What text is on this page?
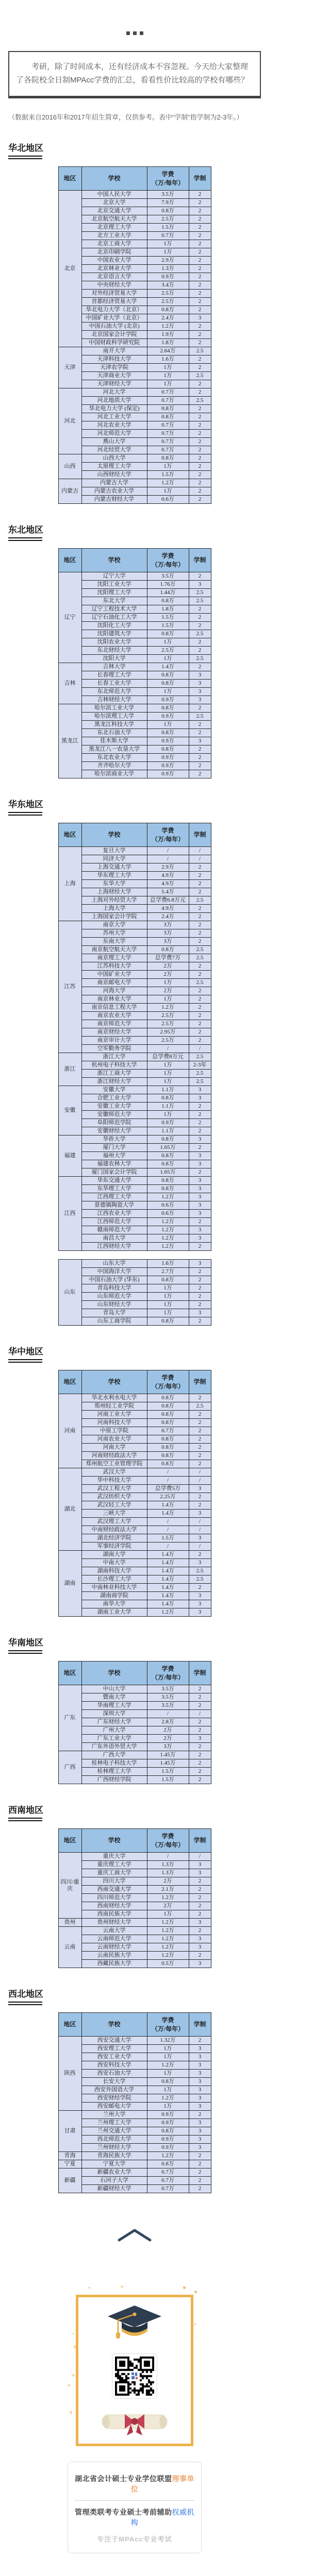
考研，除了时间成本，还有经济成本不容忽视。今天给大家整理了各院校全日制MPAcc学费的汇总，看看性价比较高的学校有哪些？
（数据来自2016年和2017年招生简章，仅供参考。表中“学制”指学制为2-3年。）
华北地区
地区	学校	学费
（万/每年）	学制
北京	中国人民大学	3.5万	2
	北京大学	7.9万	2
	北京交通大学	0.8万	2
	北京航空航天大学	2.5万	2
	北京理工大学	1.5万	2
	北方工业大学	0.7万	2
	北京工商大学	1万	2
	北京印刷学院	1万	2
	中国农业大学	2.9万	2
	北京林业大学	1.3万	2
	北京语言大学	0.9万	2
	中央财经大学	3.4万	2
	对外经济贸易大学	2.5万	2
	首都经济贸易大学	2.5万	2
	华北电力大学（北京）	0.8万	2
	中国矿业大学（北京）	2.4万	3
	中国石油大学 (北京)	1.2万	2
	北京国家会计学院	1.9万	2
	中国财政科学研究院	1.8万	2
天津	南开大学	2.64万	2.5
	天津科技大学	1.6万	2
	天津农学院	1万	2
	天津商业大学	1万	2.5
	天津财经大学	1万	2
河北	河北大学	0.7万	2
	河北地质大学	0.7万	2.5
	华北电力大学 (保定)	0.8万	2
	河北工业大学	0.8万	2
	河北农业大学	0.7万	2
	河北师范大学	0.7万	2
	燕山大学	0.7万	2
	河北经贸大学	0.7万	2
山西	山西大学	0.8万	2
	太原理工大学	1万	2
	山西财经大学	1.5万	2
内蒙古	内蒙古大学	1.2万	2
	内蒙古农业大学	1万	2
	内蒙古财经大学	0.6万	2
东北地区
地区	学校	学费
（万/每年）	学制
辽宁	辽宁大学	3.5万	2
	沈阳工业大学	1.76万	3
	沈阳理工大学	1.44万	2.5
	东北大学	0.8万	2.5
	辽宁工程技术大学	1.8万	2
	辽宁石油化工大学	1.5万	2
	沈阳化工大学	1.5万	2
	沈阳建筑大学	0.8万	2.5
	沈阳农业大学	1万	2
	东北财经大学	2.5万	2
	沈阳大学	1万	2.5
吉林	吉林大学	1.4万	2
	长春理工大学	0.8万	3
	长春工业大学	0.8万	3
	东北师范大学	1万	3
	吉林财经大学	0.9万	3
黑龙江	哈尔滨工业大学	0.8万	2
	哈尔滨理工大学	0.9万	2.5
	黑龙江科技大学	1万	2
	东北石油大学	0.8万	2
	佳木斯大学	0.9万	3
	黑龙江八一农垦大学	0.8万	2
	东北农业大学	0.9万	2
	齐齐哈尔大学	0.9万	2
	哈尔滨商业大学	0.9万	2
华东地区
地区	学校	学费
（万/每年）	学制
上海	复旦大学	/	/
	同济大学	/	/
	上海交通大学	2.9万	2
	华东理工大学	4.9万	2
	东华大学	4.9万	2
	上海财经大学	5.4万	2
	上海对外经贸大学	总学费6.8万元	2.5
	上海大学	4.9万	2
	上海国家会计学院	2.4万	2
江苏	南京大学	3万	2
	苏州大学	3万	2
	东南大学	3万	2
	南京航空航天大学	0.8万	2.5
	南京理工大学	总学费7万	2.5
	江苏科技大学	2万	2
	中国矿业大学	2万	2
	南京邮电大学	1万	2.5
	河海大学	2万	2
	南京林业大学	1万	2
	南京信息工程大学	1.2万	2
	南京农业大学	2.5万	2
	南京师范大学	2.5万	2
	南京财经大学	2.95万	2
	南京审计大学	2.5万	2
	空军勤务学院	/	/
浙江	浙江大学	总学费8万元	2.5
	杭州电子科技大学	1万	2-3年
	浙江工商大学	1万	2.5
	浙江财经大学	1万	2.5
安徽	安徽大学	1.1万	3
	合肥工业大学	0.8万	3
	安徽工业大学	1.1万	2
	安徽师范大学	1万	2
	阜阳师范学院	0.9万	2
	安徽财经大学	1.1万	2
福建	华侨大学	0.8万	3
	厦门大学	1.65万	2
	福州大学	0.8万	3
	福建农林大学	0.8万	3
	厦门国家会计学院	1.65万	2
江西	华东交通大学	0.8万	3
	东华理工大学	0.8万	3
	江西理工大学	1.2万	3
	景德镇陶瓷大学	0.6万	3
	江西农业大学	0.6万	3
	江西师范大学	1.2万	2
	赣南师范大学	1.2万	3
	南昌大学	1.2万	3
	江西财经大学	1.2万	2
山东	山东大学	1.6万	3
	中国海洋大学	2.7万	2
	中国石油大学 (华东)	0.8万	2
	青岛科技大学	1万	2
	山东师范大学	1万	2
	山东财经大学	1万	2
	青岛大学	1万	3
	山东工商学院	0.8万	2
华中地区
地区	学校	学费
（万/每年）	学制
河南	华北水利水电大学	0.8万	2
	郑州轻工业学院	0.8万	2.5
	河南工业大学	0.8万	2
	河南科技大学	0.8万	2
	中原工学院	0.7万	2
	河南农业大学	0.8万	2
	河南大学	0.8万	2
	河南财经政法大学	0.8万	2
	郑州航空工业管理学院	0.8万	2
湖北	武汉大学	/	/
	华中科技大学	/	/
	武汉工程大学	总学费5万	3
	武汉纺织大学	2.25万	2
	武汉轻工大学	1.4万	2
	三峡大学	1.4万	3
	武汉理工大学	/	/
	中南财经政法大学	/	/
	湖北经济学院	1.5万	3
	军事经济学院	/	/
湖南	湖南大学	1.4万	2
	中南大学	1.4万	3
	湖南科技大学	1.4万	2.5
	长沙理工大学	1.4万	2.5
	中南林业科技大学	1.4万	2
	湖南商学院	1.4万	3
	南华大学	1.4万	3
	湖南工业大学	1.2万	3
华南地区
地区	学校	学费
（万/每年）	学制
广东	中山大学	3.5万	2
	暨南大学	3.5万	2
	华南理工大学	3.5万	2
	深圳大学	/	/
	广东财经大学	2.8万	2
	广州大学	2万	2
	广东工业大学	2万	3
	广东外语外贸大学	3万	2
广西	广西大学	1.45万	2
	桂林电子科技大学	1.45万	2
	桂林理工大学	1.5万	2
	广西财经学院	1.5万	2
西南地区
地区	学校	学费
（万/每年）	学制
四川/重庆	重庆大学	/	/
	重庆理工大学	1.3万	3
	重庆工商大学	1.3万	3
	四川大学	2万	2
	西南交通大学	2.1万	2
	四川师范大学	1.2万	2
	西南财经大学	2万	2
	西南民族大学	1万	2
贵州	贵州财经大学	1.2万	3
云南	云南大学	1.2万	2
	云南师范大学	1.2万	3
	云南财经大学	1.2万	3
	云南民族大学	1.2万	2
	西藏民族大学	0.5万	3
西北地区
地区	学校	学费
（万/每年）	学制
陕西	西安交通大学	1.32万	2
	西安理工大学	1万	3
	西安工业大学	1万	3
	西安科技大学	1.2万	3
	西安石油大学	1万	3
	长安大学	0.8万	3
	西安外国语大学	1万	3
	西安财经学院	1.2万	3
	西安邮电大学	1万	3
甘肃	兰州大学	0.9万	2
	兰州理工大学	0.9万	3
	兰州交通大学	0.8万	3
	西北师范大学	0.9万	3
	兰州财经大学	0.9万	3
青海	青海民族大学	1.2万	2
宁夏	宁夏大学	0.8万	2
新疆	新疆农业大学	0.7万	2
	石河子大学	0.7万	2
	新疆财经大学	0.7万	2
湖北省会计硕士专业学位联盟理事单位
管理类联考专业硕士考前辅助权威机构
专注于MPAcc专业考试
